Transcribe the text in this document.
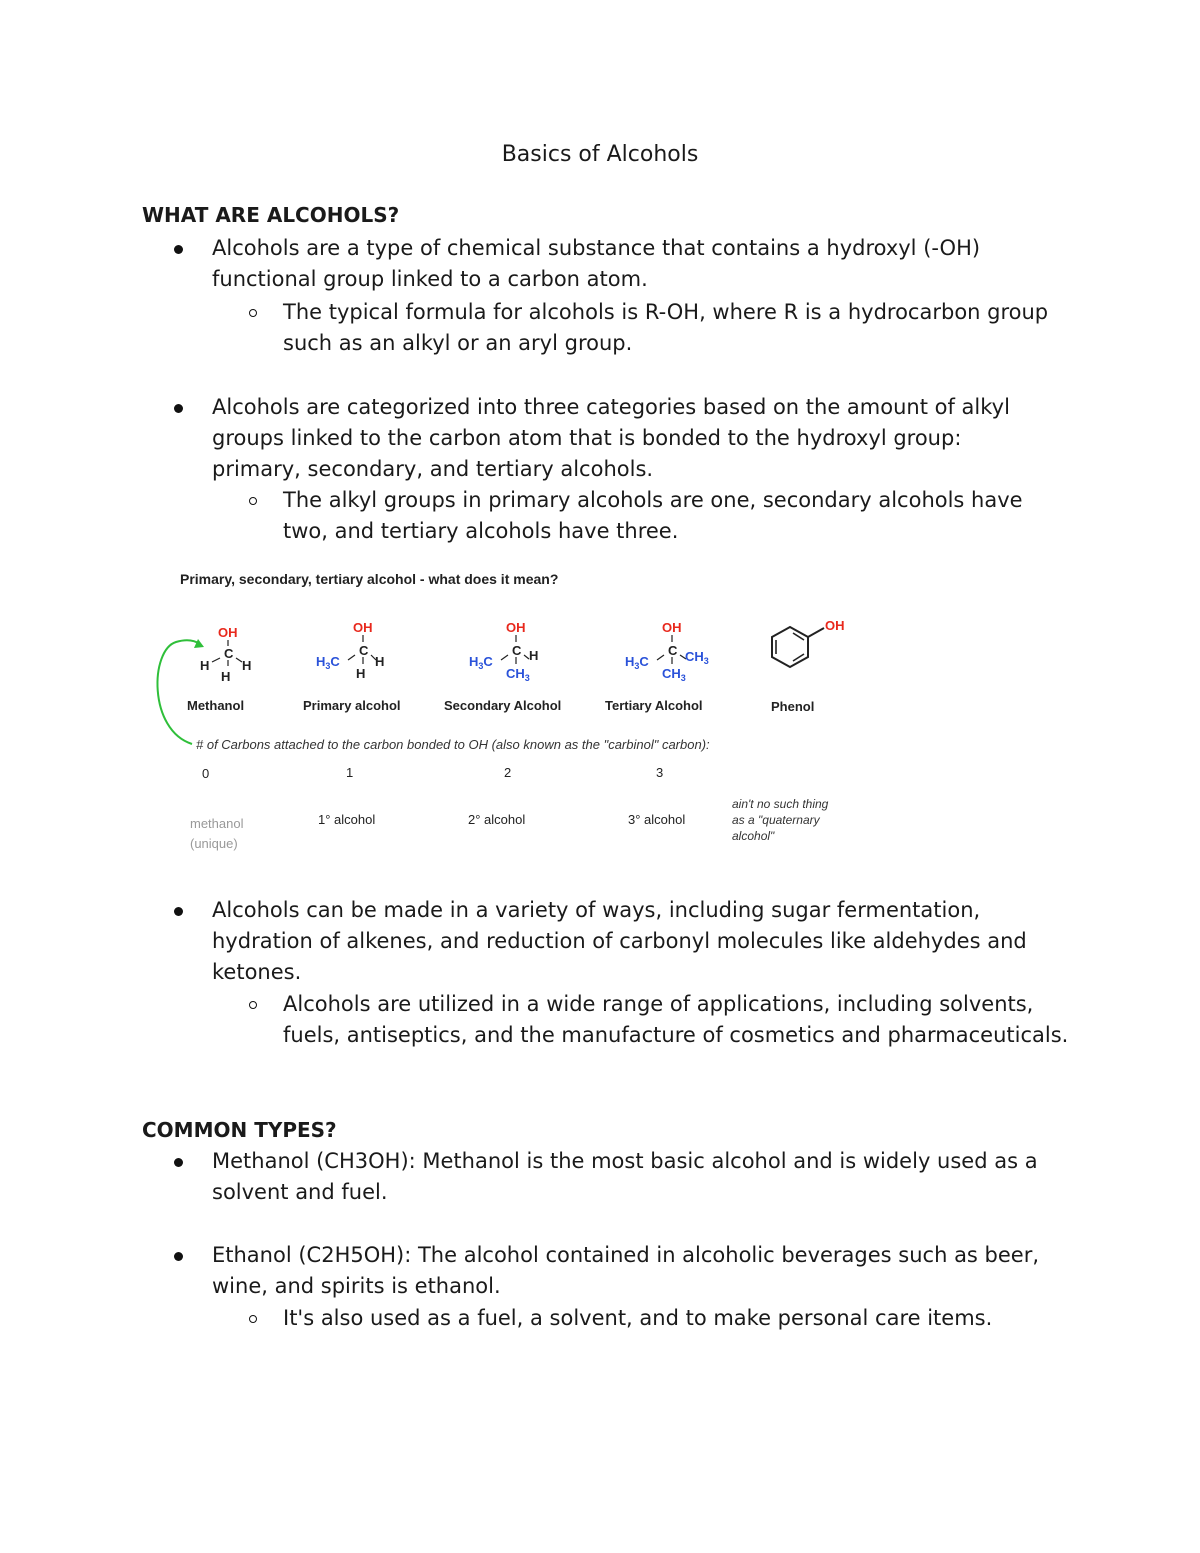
Basics of Alcohols
WHAT ARE ALCOHOLS?
Alcohols are a type of chemical substance that contains a hydroxyl (-OH) functional group linked to a carbon atom.
The typical formula for alcohols is R-OH, where R is a hydrocarbon group such as an alkyl or an aryl group.
Alcohols are categorized into three categories based on the amount of alkyl groups linked to the carbon atom that is bonded to the hydroxyl group: primary, secondary, and tertiary alcohols.
The alkyl groups in primary alcohols are one, secondary alcohols have two, and tertiary alcohols have three.
Primary, secondary, tertiary alcohol - what does it mean?
OH
C
H	H
H
OH
C
$H_3C$	H
H
OH
C
$H_3C$	H
$CH_3$
OH
C
$H_3C$	$CH_3$
$CH_3$
OH
Methanol	Primary alcohol	Secondary Alcohol	Tertiary Alcohol	Phenol
# of Carbons attached to the carbon bonded to OH (also known as the "carbinol" carbon):
0	1	2	3
methanol
(unique)
1° alcohol	2° alcohol	3° alcohol
ain't no such thing
as a "quaternary
alcohol"
Alcohols can be made in a variety of ways, including sugar fermentation, hydration of alkenes, and reduction of carbonyl molecules like aldehydes and ketones.
Alcohols are utilized in a wide range of applications, including solvents, fuels, antiseptics, and the manufacture of cosmetics and pharmaceuticals.
COMMON TYPES?
Methanol (CH3OH): Methanol is the most basic alcohol and is widely used as a solvent and fuel.
Ethanol (C2H5OH): The alcohol contained in alcoholic beverages such as beer, wine, and spirits is ethanol.
It's also used as a fuel, a solvent, and to make personal care items.
